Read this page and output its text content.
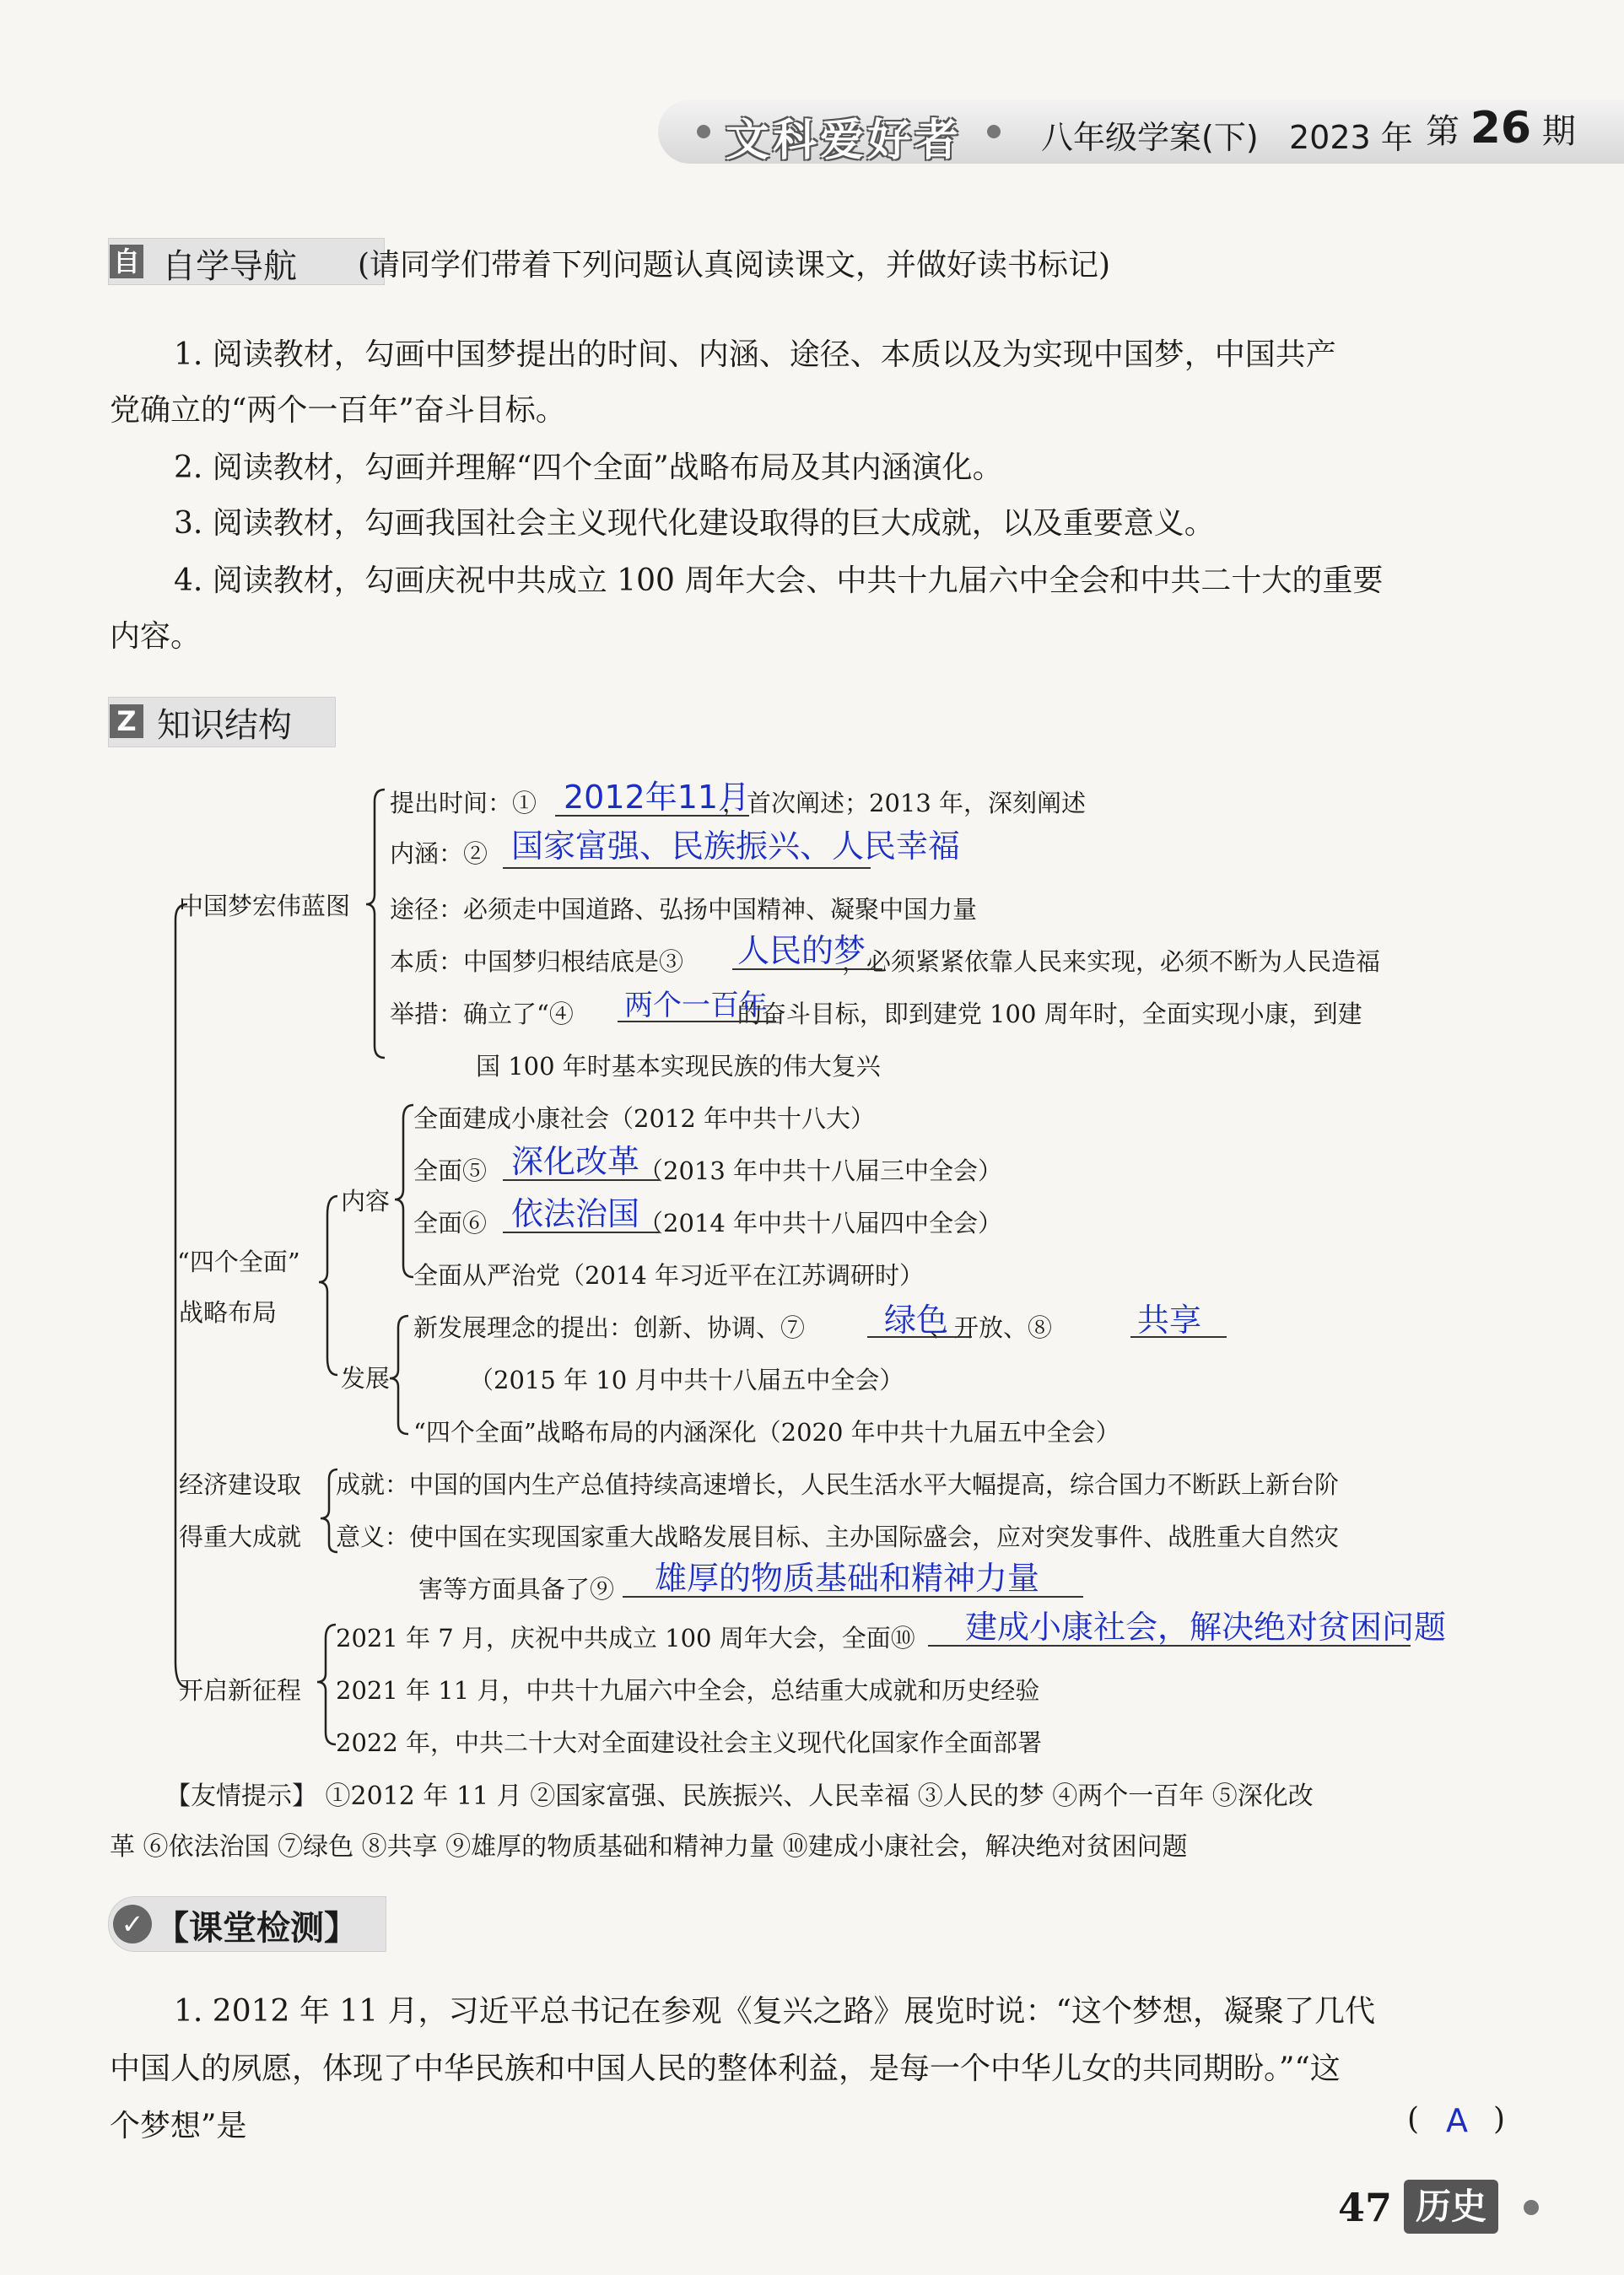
文科爱好者 八年级学案(下) 2023 年 第 26 期
自 自学导航 (请同学们带着下列问题认真阅读课文，并做好读书标记)
1. 阅读教材，勾画中国梦提出的时间、内涵、途径、本质以及为实现中国梦，中国共产
党确立的“两个一百年”奋斗目标。
2. 阅读教材，勾画并理解“四个全面”战略布局及其内涵演化。
3. 阅读教材，勾画我国社会主义现代化建设取得的巨大成就，以及重要意义。
4. 阅读教材，勾画庆祝中共成立 100 周年大会、中共十九届六中全会和中共二十大的重要
内容。
Z 知识结构
中国梦宏伟蓝图
提出时间：①	，首次阐述；2013 年，深刻阐述
2012年11月
内涵：② 国家富强、民族振兴、人民幸福
途径：必须走中国道路、弘扬中国精神、凝聚中国力量
本质：中国梦归根结底是③	，必须紧紧依靠人民来实现，必须不断为人民造福
人民的梦
举措：确立了“④	的奋斗目标，即到建党 100 周年时，全面实现小康，到建
两个一百年
国 100 年时基本实现民族的伟大复兴
“四个全面”
战略布局
内容
全面建成小康社会（2012 年中共十八大）
全面⑤	（2013 年中共十八届三中全会）
深化改革
全面⑥	（2014 年中共十八届四中全会）
依法治国
全面从严治党（2014 年习近平在江苏调研时）
发展
新发展理念的提出：创新、协调、⑦	、开放、⑧
绿色	共享
（2015 年 10 月中共十八届五中全会）
“四个全面”战略布局的内涵深化（2020 年中共十九届五中全会）
经济建设取
得重大成就
成就：中国的国内生产总值持续高速增长，人民生活水平大幅提高，综合国力不断跃上新台阶
意义：使中国在实现国家重大战略发展目标、主办国际盛会，应对突发事件、战胜重大自然灾
害等方面具备了⑨ 雄厚的物质基础和精神力量
开启新征程
2021 年 7 月，庆祝中共成立 100 周年大会，全面⑩ 建成小康社会，解决绝对贫困问题
2021 年 11 月，中共十九届六中全会，总结重大成就和历史经验
2022 年，中共二十大对全面建设社会主义现代化国家作全面部署
【友情提示】 ①2012 年 11 月 ②国家富强、民族振兴、人民幸福 ③人民的梦 ④两个一百年 ⑤深化改
革 ⑥依法治国 ⑦绿色 ⑧共享 ⑨雄厚的物质基础和精神力量 ⑩建成小康社会，解决绝对贫困问题
✓ 【课堂检测】
1. 2012 年 11 月，习近平总书记在参观《复兴之路》展览时说：“这个梦想，凝聚了几代
中国人的夙愿，体现了中华民族和中国人民的整体利益，是每一个中华儿女的共同期盼。”“这
个梦想”是	( A )
47 历史
